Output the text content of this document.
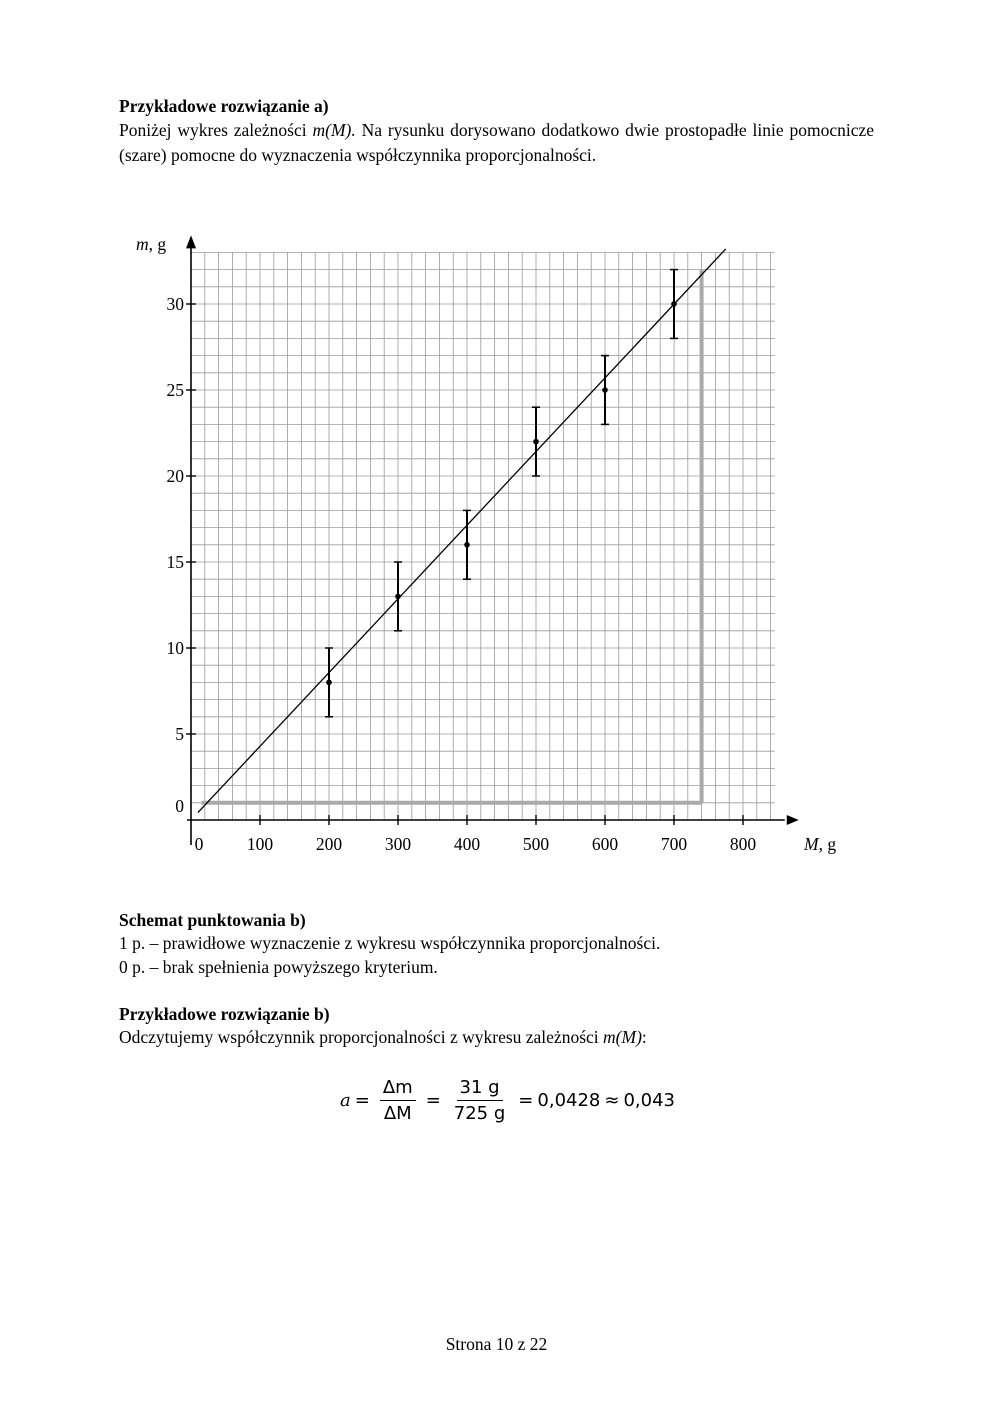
Przykładowe rozwiązanie a)
Poniżej wykres zależności m(M). Na rysunku dorysowano dodatkowo dwie prostopadłe linie pomocnicze (szare) pomocne do wyznaczenia współczynnika proporcjonalności.
0 100 200 300 400 500 600 700 800
0
5
10
15
20
25
30
m, g
M, g
Schemat punktowania b)
1 p. – prawidłowe wyznaczenie z wykresu współczynnika proporcjonalności.
0 p. – brak spełnienia powyższego kryterium.
Przykładowe rozwiązanie b)
Odczytujemy współczynnik proporcjonalności z wykresu zależności m(M):
$a = \frac{\Delta m}{\Delta M} = \frac{31 g}{725 g} = 0,0428 \approx 0,043$
Strona 10 z 22
